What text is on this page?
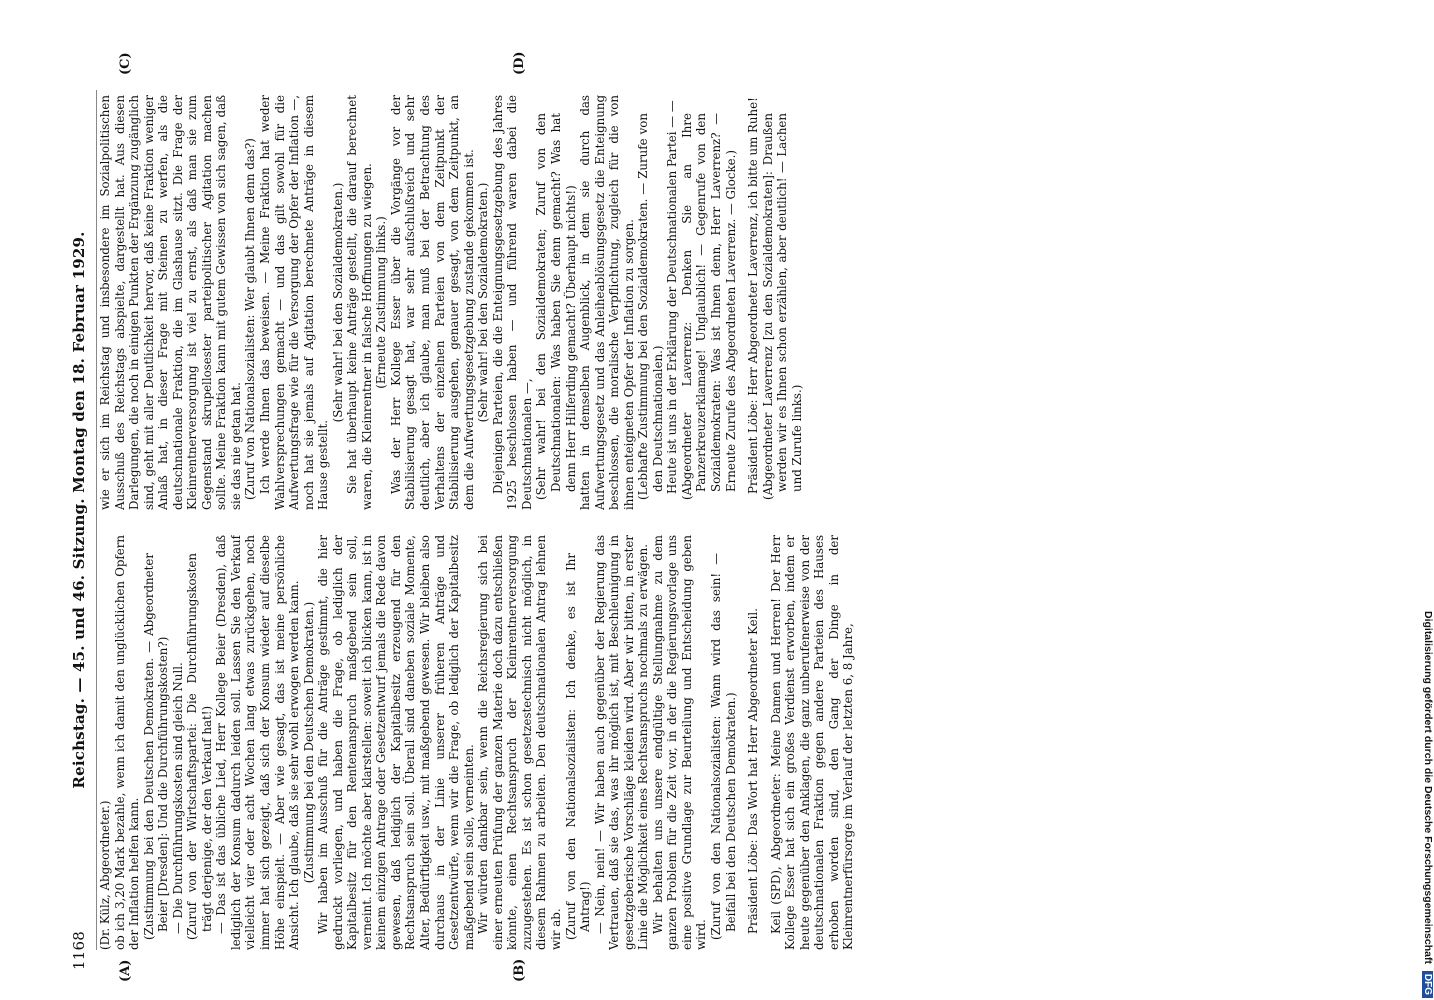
1168
Reichstag. — 45. und 46. Sitzung. Montag den 18. Februar 1929.
(A)	(B)
(C)	(D)

(Dr. Külz, Abgeordneter.) ob ich 3,20 Mark bezahle, wenn ich damit den unglücklichen Opfern der Inflation helfen kann. (Zustimmung bei den Deutschen Demokraten. — Abgeordneter Beier [Dresden]: Und die Durchführungskosten?) — Die Durchführungskosten sind gleich Null. (Zuruf von der Wirtschaftspartei: Die Durchführungskosten trägt derjenige, der den Verkauf hat!) — Das ist das übliche Lied, Herr Kollege Beier (Dresden), daß lediglich der Konsum dadurch leiden soll. Lassen Sie den Verkauf vielleicht vier oder acht Wochen lang etwas zurückgehen, noch immer hat sich gezeigt, daß sich der Konsum wieder auf dieselbe Höhe einspielt. — Aber wie gesagt, das ist meine persönliche Ansicht. Ich glaube, daß sie sehr wohl erwogen werden kann. (Zustimmung bei den Deutschen Demokraten.) Wir haben im Ausschuß für die Anträge gestimmt, die hier gedruckt vorliegen, und haben die Frage, ob lediglich der Kapitalbesitz für den Rentenanspruch maßgebend sein soll, verneint. Ich möchte aber klarstellen: soweit ich blicken kann, ist in keinem einzigen Antrage oder Gesetzentwurf jemals die Rede davon gewesen, daß lediglich der Kapitalbesitz erzeugend für den Rechtsanspruch sein soll. Überall sind daneben soziale Momente, Alter, Bedürftigkeit usw., mit maßgebend gewesen. Wir bleiben also durchaus in der Linie unserer früheren Anträge und Gesetzentwürfe, wenn wir die Frage, ob lediglich der Kapitalbesitz maßgebend sein solle, verneinten. Wir würden dankbar sein, wenn die Reichsregierung sich bei einer erneuten Prüfung der ganzen Materie doch dazu entschließen könnte, einen Rechtsanspruch der Kleinrentnerversorgung zuzugestehen. Es ist schon gesetzestechnisch nicht möglich, in diesem Rahmen zu arbeiten. Den deutschnationalen Antrag lehnen wir ab. (Zuruf von den Nationalsozialisten: Ich denke, es ist Ihr Antrag!) — Nein, nein! — Wir haben auch gegenüber der Regierung das Vertrauen, daß sie das, was ihr möglich ist, mit Beschleunigung in gesetzgeberische Vorschläge kleiden wird. Aber wir bitten, in erster Linie die Möglichkeit eines Rechtsanspruchs nochmals zu erwägen. Wir behalten uns unsere endgültige Stellungnahme zu dem ganzen Problem für die Zeit vor, in der die Regierungsvorlage uns eine positive Grundlage zur Beurteilung und Entscheidung geben wird. (Zuruf von den Nationalsozialisten: Wann wird das sein! — Beifall bei den Deutschen Demokraten.) Präsident Löbe: Das Wort hat Herr Abgeordneter Keil. Keil (SPD), Abgeordneter: Meine Damen und Herren! Der Herr Kollege Esser hat sich ein großes Verdienst erworben, indem er heute gegenüber den Anklagen, die ganz unberufenerweise von der deutschnationalen Fraktion gegen andere Parteien des Hauses erhoben worden sind, den Gang der Dinge in der Kleinrentnerfürsorge im Verlauf der letzten 6, 8 Jahre,

wie er sich im Reichstag und insbesondere im Sozialpolitischen Ausschuß des Reichstags abspielte, dargestellt hat. Aus diesen Darlegungen, die noch in einigen Punkten der Ergänzung zugänglich sind, geht mit aller Deutlichkeit hervor, daß keine Fraktion weniger Anlaß hat, in dieser Frage mit Steinen zu werfen, als die deutschnationale Fraktion, die im Glashause sitzt. Die Frage der Kleinrentnerversorgung ist viel zu ernst, als daß man sie zum Gegenstand skrupellosester parteipolitischer Agitation machen sollte. Meine Fraktion kann mit gutem Gewissen von sich sagen, daß sie das nie getan hat. (Zuruf von Nationalsozialisten: Wer glaubt Ihnen denn das?) Ich werde Ihnen das beweisen. — Meine Fraktion hat weder Wahlversprechungen gemacht — und das gilt sowohl für die Aufwertungsfrage wie für die Versorgung der Opfer der Inflation —, noch hat sie jemals auf Agitation berechnete Anträge in diesem Hause gestellt.

(Sehr wahr! bei den Sozialdemokraten.) Sie hat überhaupt keine Anträge gestellt, die darauf berechnet waren, die Kleinrentner in falsche Hoffnungen zu wiegen. (Erneute Zustimmung links.) Was der Herr Kollege Esser über die Vorgänge vor der Stabilisierung gesagt hat, war sehr aufschlußreich und sehr deutlich, aber ich glaube, man muß bei der Betrachtung des Verhaltens der einzelnen Parteien von dem Zeitpunkt der Stabilisierung ausgehen, genauer gesagt, von dem Zeitpunkt, an dem die Aufwertungsgesetzgebung zustande gekommen ist. (Sehr wahr! bei den Sozialdemokraten.) Diejenigen Parteien, die die Enteignungsgesetzgebung des Jahres 1925 beschlossen haben — und führend waren dabei die Deutschnationalen —, (Sehr wahr! bei den Sozialdemokraten; Zuruf von den Deutschnationalen: Was haben Sie denn gemacht? Was hat denn Herr Hilferding gemacht? Überhaupt nichts!) hatten in demselben Augenblick, in dem sie durch das Aufwertungsgesetz und das Anleiheablösungsgesetz die Enteignung beschlossen, die moralische Verpflichtung, zugleich für die von ihnen enteigneten Opfer der Inflation zu sorgen. (Lebhafte Zustimmung bei den Sozialdemokraten. — Zurufe von den Deutschnationalen.) Heute ist uns in der Erklärung der Deutschnationalen Partei — — (Abgeordneter Laverrenz: Denken Sie an Ihre Panzerkreuzerklamage! Unglaublich! — Gegenrufe von den Sozialdemokraten: Was ist Ihnen denn, Herr Laverrenz? — Erneute Zurufe des Abgeordneten Laverrenz. — Glocke.) Präsident Löbe: Herr Abgeordneter Laverrenz, ich bitte um Ruhe! (Abgeordneter Laverrenz [zu den Sozialdemokraten]: Draußen werden wir es Ihnen schon erzählen, aber deutlich! — Lachen und Zurufe links.)

Digitalisierung gefördert durch die Deutsche Forschungsgemeinschaft DFG
